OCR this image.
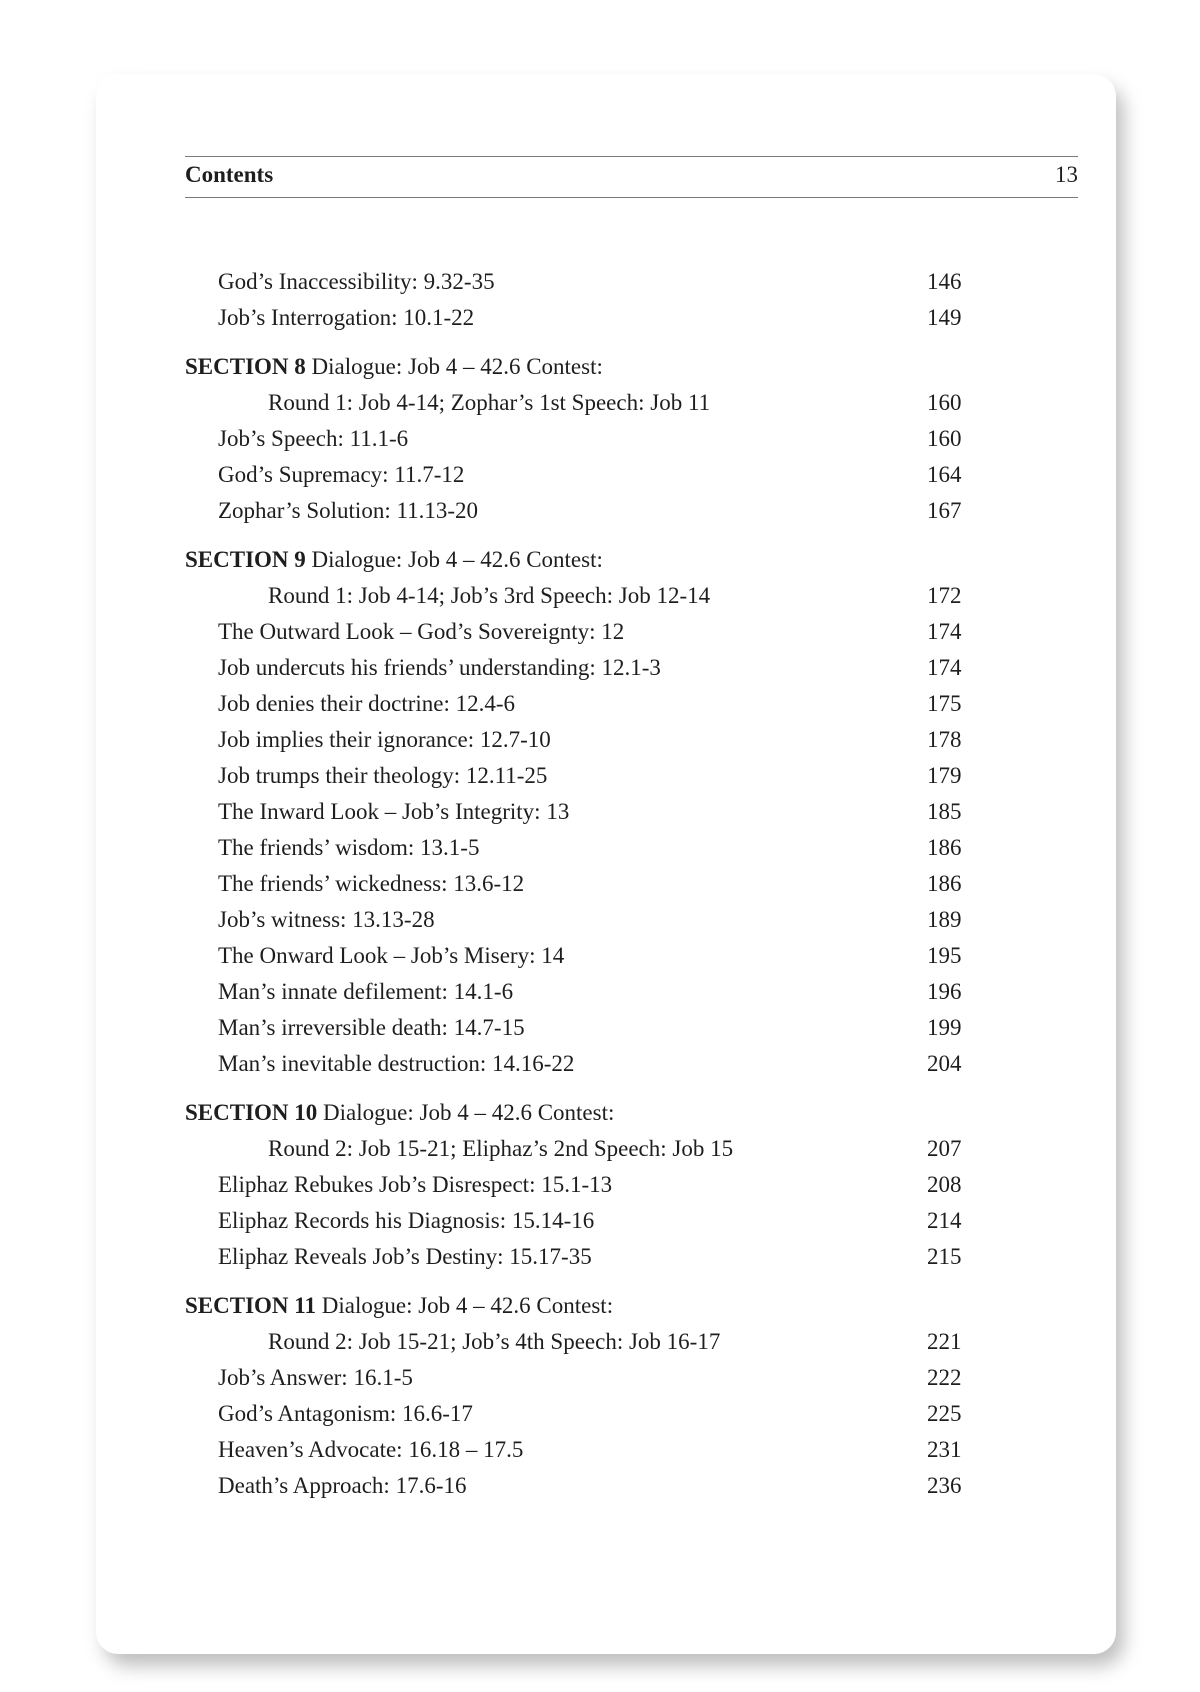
Contents	13
God’s Inaccessibility: 9.32-35	146
Job’s Interrogation: 10.1-22	149
SECTION 8 Dialogue: Job 4 – 42.6 Contest:
Round 1: Job 4-14; Zophar’s 1st Speech: Job 11	160
Job’s Speech: 11.1-6	160
God’s Supremacy: 11.7-12	164
Zophar’s Solution: 11.13-20	167
SECTION 9 Dialogue: Job 4 – 42.6 Contest:
Round 1: Job 4-14; Job’s 3rd Speech: Job 12-14	172
The Outward Look – God’s Sovereignty: 12	174
Job undercuts his friends’ understanding: 12.1-3	174
Job denies their doctrine: 12.4-6	175
Job implies their ignorance: 12.7-10	178
Job trumps their theology: 12.11-25	179
The Inward Look – Job’s Integrity: 13	185
The friends’ wisdom: 13.1-5	186
The friends’ wickedness: 13.6-12	186
Job’s witness: 13.13-28	189
The Onward Look – Job’s Misery: 14	195
Man’s innate defilement: 14.1-6	196
Man’s irreversible death: 14.7-15	199
Man’s inevitable destruction: 14.16-22	204
SECTION 10 Dialogue: Job 4 – 42.6 Contest:
Round 2: Job 15-21; Eliphaz’s 2nd Speech: Job 15	207
Eliphaz Rebukes Job’s Disrespect: 15.1-13	208
Eliphaz Records his Diagnosis: 15.14-16	214
Eliphaz Reveals Job’s Destiny: 15.17-35	215
SECTION 11 Dialogue: Job 4 – 42.6 Contest:
Round 2: Job 15-21; Job’s 4th Speech: Job 16-17	221
Job’s Answer: 16.1-5	222
God’s Antagonism: 16.6-17	225
Heaven’s Advocate: 16.18 – 17.5	231
Death’s Approach: 17.6-16	236
